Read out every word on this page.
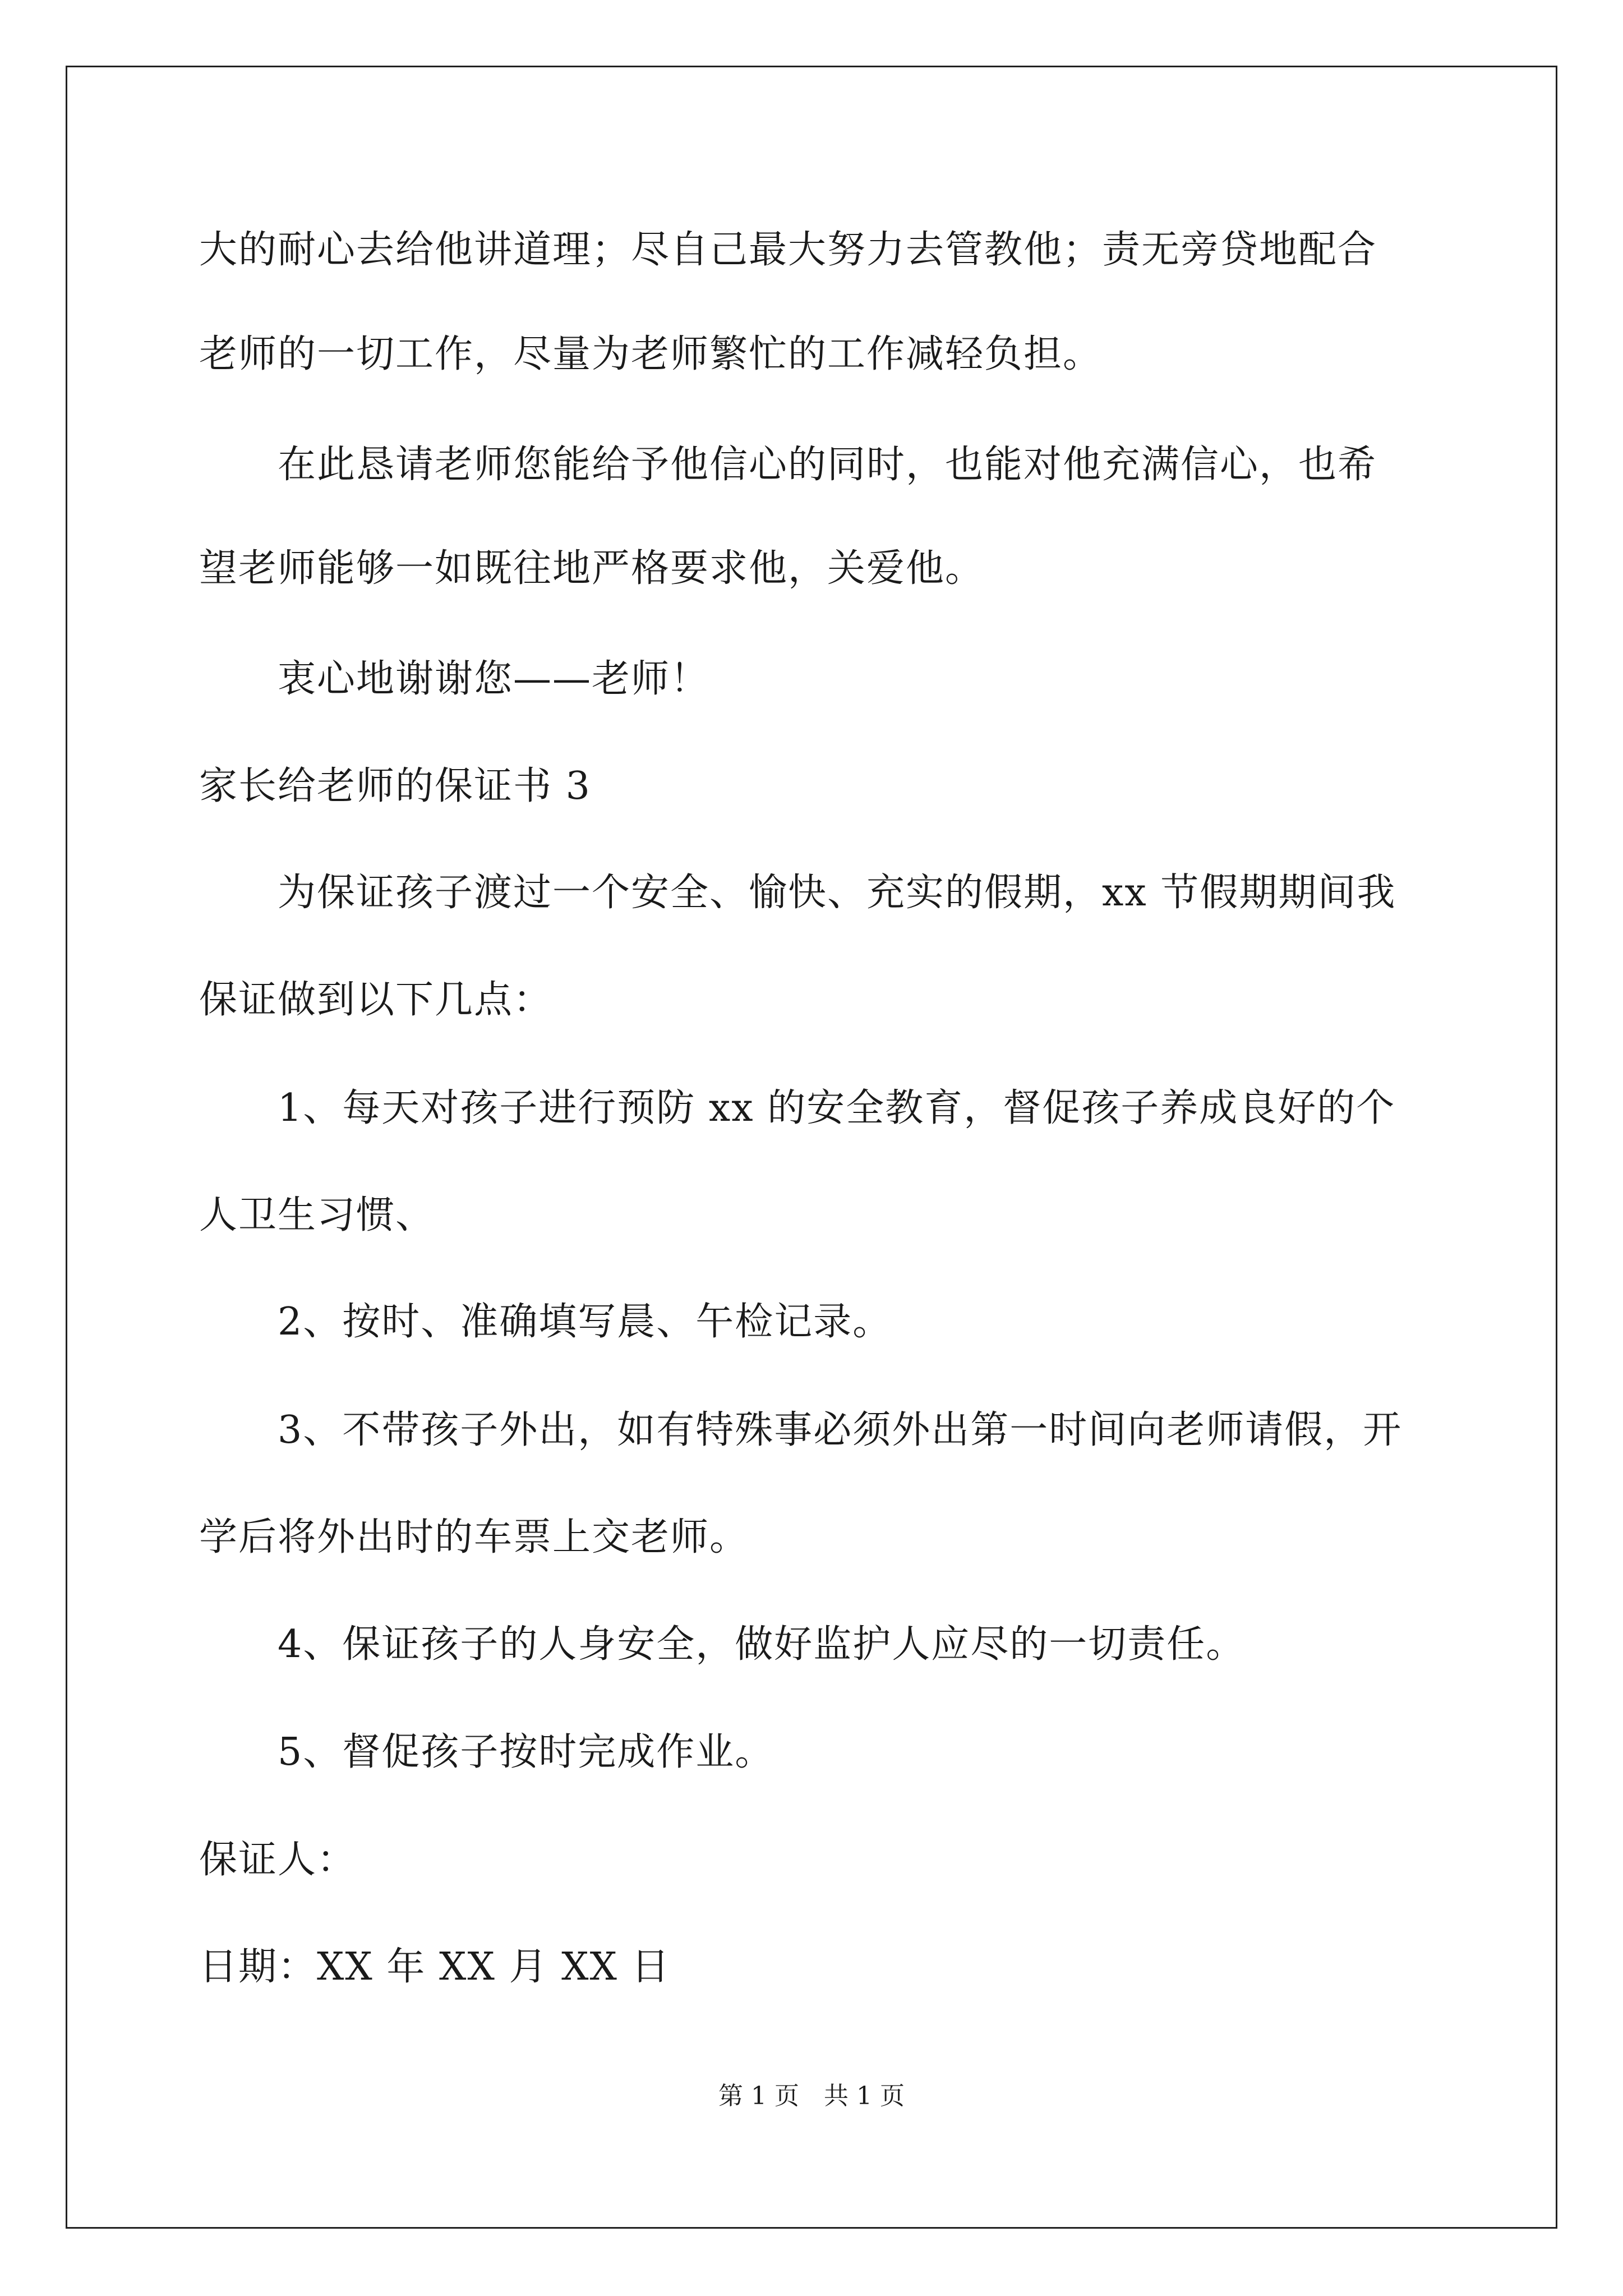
大的耐心去给他讲道理；尽自己最大努力去管教他；责无旁贷地配合
老师的一切工作，尽量为老师繁忙的工作减轻负担。
在此恳请老师您能给予他信心的同时，也能对他充满信心，也希
望老师能够一如既往地严格要求他，关爱他。
衷心地谢谢您——老师！
家长给老师的保证书 3
为保证孩子渡过一个安全、愉快、充实的假期，xx 节假期期间我
保证做到以下几点：
1、每天对孩子进行预防 xx 的安全教育，督促孩子养成良好的个
人卫生习惯、
2、按时、准确填写晨、午检记录。
3、不带孩子外出，如有特殊事必须外出第一时间向老师请假，开
学后将外出时的车票上交老师。
4、保证孩子的人身安全，做好监护人应尽的一切责任。
5、督促孩子按时完成作业。
保证人：
日期：XX 年 XX 月 XX 日
第 1 页　共 1 页
